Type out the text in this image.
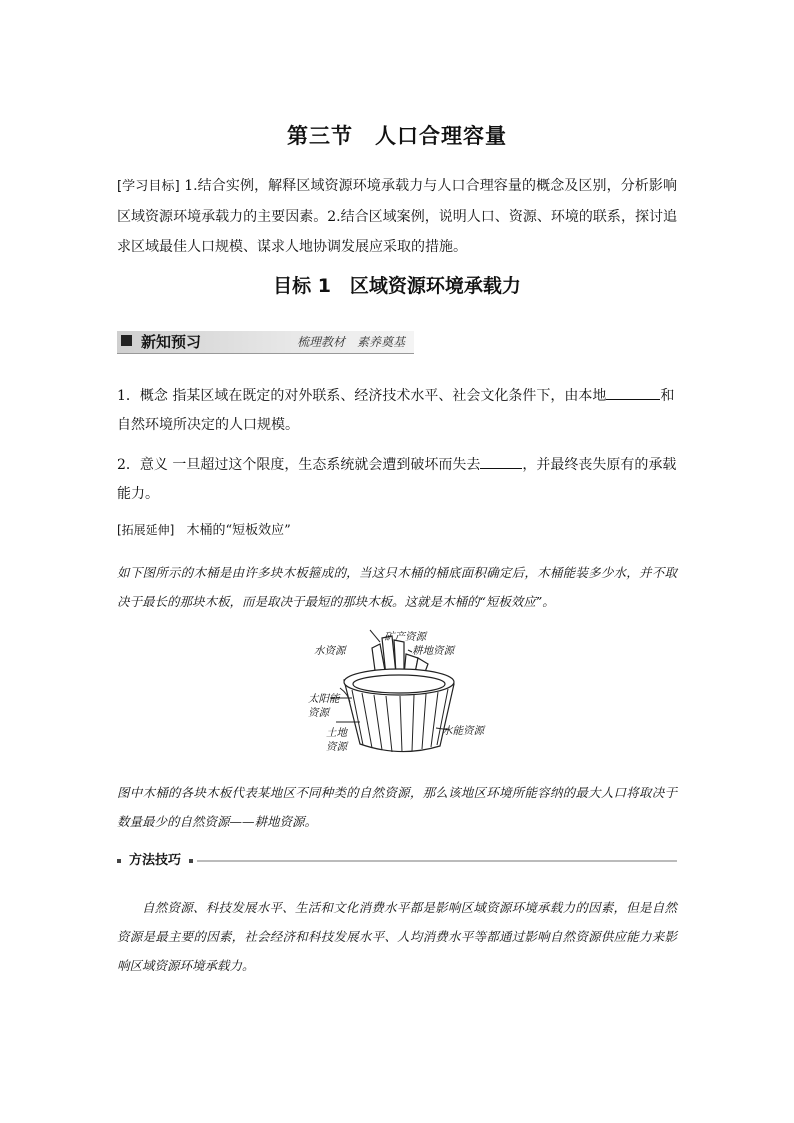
第三节　人口合理容量
[学习目标] 1.结合实例，解释区域资源环境承载力与人口合理容量的概念及区别，分析影响区域资源环境承载力的主要因素。2.结合区域案例，说明人口、资源、环境的联系，探讨追求区域最佳人口规模、谋求人地协调发展应采取的措施。
目标 1　区域资源环境承载力
新知预习	梳理教材　素养奠基
1．概念 指某区域在既定的对外联系、经济技术水平、社会文化条件下，由本地	和自然环境所决定的人口规模。
2．意义 一旦超过这个限度，生态系统就会遭到破坏而失去	，并最终丧失原有的承载能力。
[拓展延伸] 木桶的“短板效应”
如下图所示的木桶是由许多块木板箍成的，当这只木桶的桶底面积确定后，木桶能装多少水，并不取决于最长的那块木板，而是取决于最短的那块木板。这就是木桶的“短板效应”。
矿产资源
水资源	耕地资源
太阳能资源
土地资源
水能资源
图中木桶的各块木板代表某地区不同种类的自然资源，那么该地区环境所能容纳的最大人口将取决于数量最少的自然资源——耕地资源。
方法技巧
自然资源、科技发展水平、生活和文化消费水平都是影响区域资源环境承载力的因素，但是自然资源是最主要的因素，社会经济和科技发展水平、人均消费水平等都通过影响自然资源供应能力来影响区域资源环境承载力。
